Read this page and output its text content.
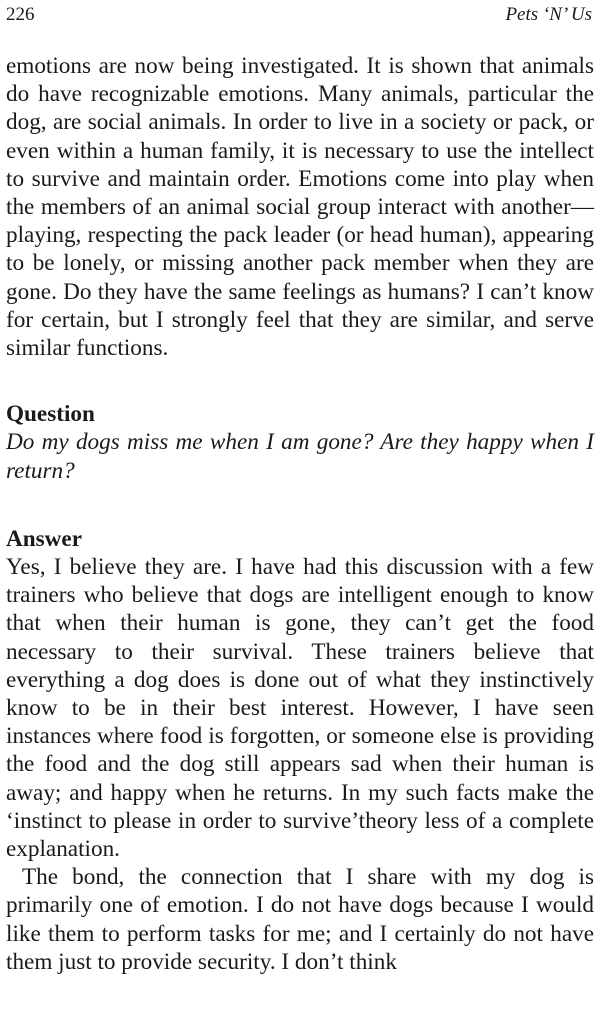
226	Pets ‘N’ Us

emotions are now being investigated. It is shown that animals do have recognizable emotions. Many animals, particular the dog, are social animals. In order to live in a society or pack, or even within a human family, it is necessary to use the intellect to survive and maintain order. Emotions come into play when the members of an animal social group interact with another—playing, respecting the pack leader (or head human), appearing to be lonely, or missing another pack member when they are gone. Do they have the same feelings as humans? I can’t know for certain, but I strongly feel that they are similar, and serve similar functions.

Question

Do my dogs miss me when I am gone? Are they happy when I return?

Answer

Yes, I believe they are. I have had this discussion with a few trainers who believe that dogs are intelligent enough to know that when their human is gone, they can’t get the food necessary to their survival. These trainers believe that everything a dog does is done out of what they instinctively know to be in their best interest. However, I have seen instances where food is forgotten, or someone else is providing the food and the dog still appears sad when their human is away; and happy when he returns. In my such facts make the ‘instinct to please in order to survive’theory less of a complete explanation.

The bond, the connection that I share with my dog is primarily one of emotion. I do not have dogs because I would like them to perform tasks for me; and I certainly do not have them just to provide security. I don’t think
